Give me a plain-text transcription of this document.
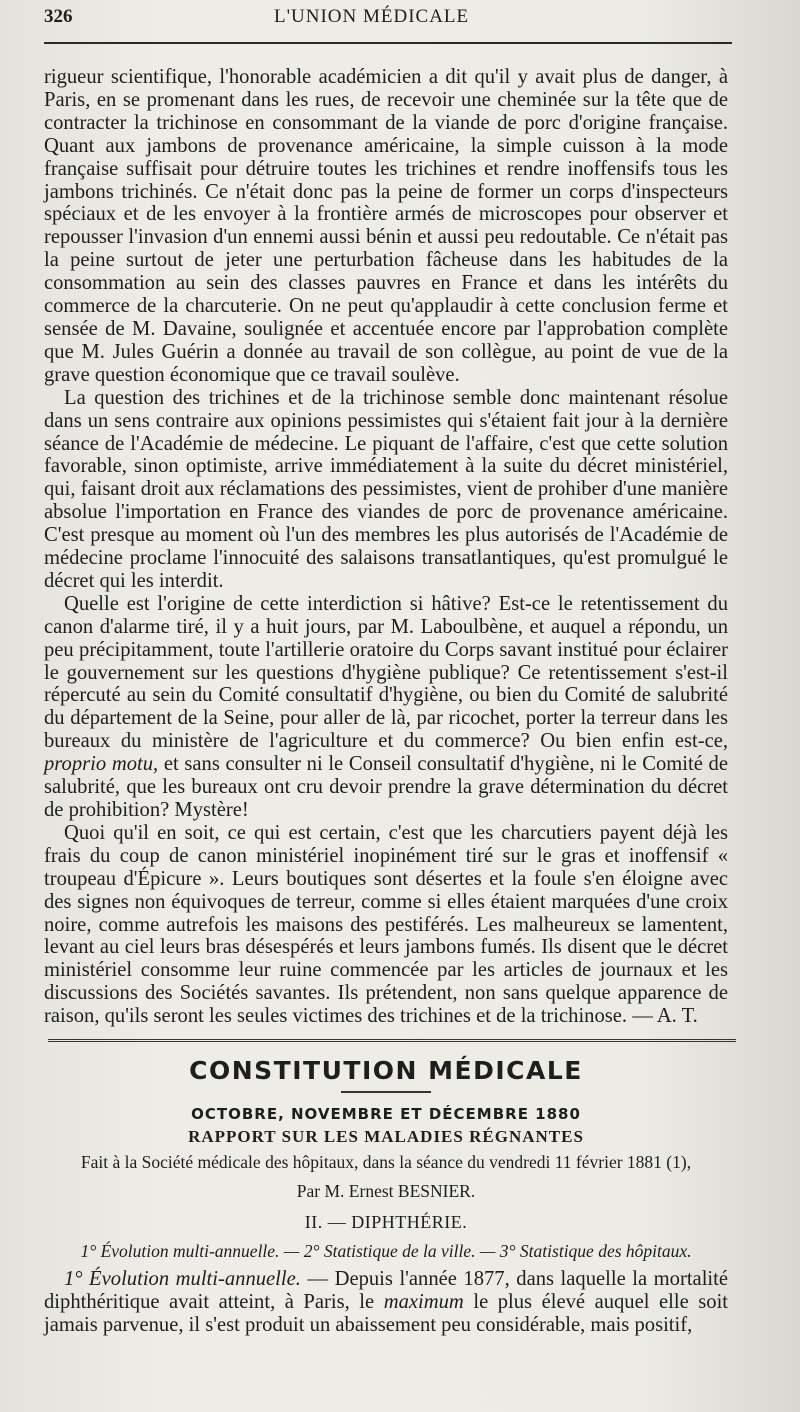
326	L'UNION MÉDICALE

rigueur scientifique, l'honorable académicien a dit qu'il y avait plus de danger, à Paris, en se promenant dans les rues, de recevoir une cheminée sur la tête que de contracter la trichinose en consommant de la viande de porc d'origine française. Quant aux jambons de provenance américaine, la simple cuisson à la mode française suffisait pour détruire toutes les trichines et rendre inoffensifs tous les jambons trichinés. Ce n'était donc pas la peine de former un corps d'inspecteurs spéciaux et de les envoyer à la frontière armés de microscopes pour observer et repousser l'invasion d'un ennemi aussi bénin et aussi peu redoutable. Ce n'était pas la peine surtout de jeter une perturbation fâcheuse dans les habitudes de la consommation au sein des classes pauvres en France et dans les intérêts du commerce de la charcuterie. On ne peut qu'applaudir à cette conclusion ferme et sensée de M. Davaine, soulignée et accentuée encore par l'approbation complète que M. Jules Guérin a donnée au travail de son collègue, au point de vue de la grave question économique que ce travail soulève.

La question des trichines et de la trichinose semble donc maintenant résolue dans un sens contraire aux opinions pessimistes qui s'étaient fait jour à la dernière séance de l'Académie de médecine. Le piquant de l'affaire, c'est que cette solution favorable, sinon optimiste, arrive immédiatement à la suite du décret ministériel, qui, faisant droit aux réclamations des pessimistes, vient de prohiber d'une manière absolue l'importation en France des viandes de porc de provenance américaine. C'est presque au moment où l'un des membres les plus autorisés de l'Académie de médecine proclame l'innocuité des salaisons transatlantiques, qu'est promulgué le décret qui les interdit.

Quelle est l'origine de cette interdiction si hâtive? Est-ce le retentissement du canon d'alarme tiré, il y a huit jours, par M. Laboulbène, et auquel a répondu, un peu précipitamment, toute l'artillerie oratoire du Corps savant institué pour éclairer le gouvernement sur les questions d'hygiène publique? Ce retentissement s'est-il répercuté au sein du Comité consultatif d'hygiène, ou bien du Comité de salubrité du département de la Seine, pour aller de là, par ricochet, porter la terreur dans les bureaux du ministère de l'agriculture et du commerce? Ou bien enfin est-ce, proprio motu, et sans consulter ni le Conseil consultatif d'hygiène, ni le Comité de salubrité, que les bureaux ont cru devoir prendre la grave détermination du décret de prohibition? Mystère!

Quoi qu'il en soit, ce qui est certain, c'est que les charcutiers payent déjà les frais du coup de canon ministériel inopinément tiré sur le gras et inoffensif « troupeau d'Épicure ». Leurs boutiques sont désertes et la foule s'en éloigne avec des signes non équivoques de terreur, comme si elles étaient marquées d'une croix noire, comme autrefois les maisons des pestiférés. Les malheureux se lamentent, levant au ciel leurs bras désespérés et leurs jambons fumés. Ils disent que le décret ministériel consomme leur ruine commencée par les articles de journaux et les discussions des Sociétés savantes. Ils prétendent, non sans quelque apparence de raison, qu'ils seront les seules victimes des trichines et de la trichinose. — A. T.

CONSTITUTION MÉDICALE
OCTOBRE, NOVEMBRE ET DÉCEMBRE 1880
RAPPORT SUR LES MALADIES RÉGNANTES
Fait à la Société médicale des hôpitaux, dans la séance du vendredi 11 février 1881 (1),
Par M. Ernest BESNIER.
II. — DIPHTHÉRIE.
1° Évolution multi-annuelle. — 2° Statistique de la ville. — 3° Statistique des hôpitaux.

1° Évolution multi-annuelle. — Depuis l'année 1877, dans laquelle la mortalité diphthéritique avait atteint, à Paris, le maximum le plus élevé auquel elle soit jamais parvenue, il s'est produit un abaissement peu considérable, mais positif,
